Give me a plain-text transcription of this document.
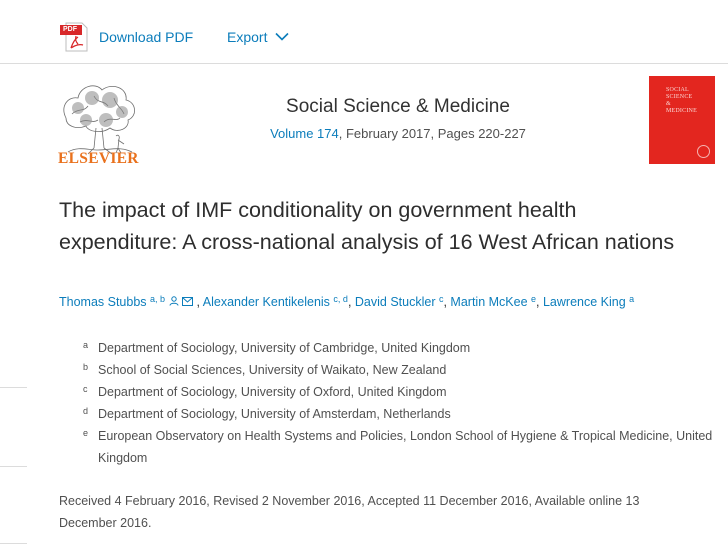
PDF Download PDF Export
ELSEVIER
Social Science & Medicine
Volume 174, February 2017, Pages 220-227
SOCIAL
SCIENCE
&
MEDICINE
The impact of IMF conditionality on government health expenditure: A cross-national analysis of 16 West African nations
Thomas Stubbs $^{a, b}$	, Alexander Kentikelenis $^{c, d}$, David Stuckler $^c$, Martin McKee $^e$, Lawrence King $^a$
a Department of Sociology, University of Cambridge, United Kingdom
b School of Social Sciences, University of Waikato, New Zealand
c Department of Sociology, University of Oxford, United Kingdom
d Department of Sociology, University of Amsterdam, Netherlands
e European Observatory on Health Systems and Policies, London School of Hygiene & Tropical Medicine, United Kingdom
Received 4 February 2016, Revised 2 November 2016, Accepted 11 December 2016, Available online 13 December 2016.
